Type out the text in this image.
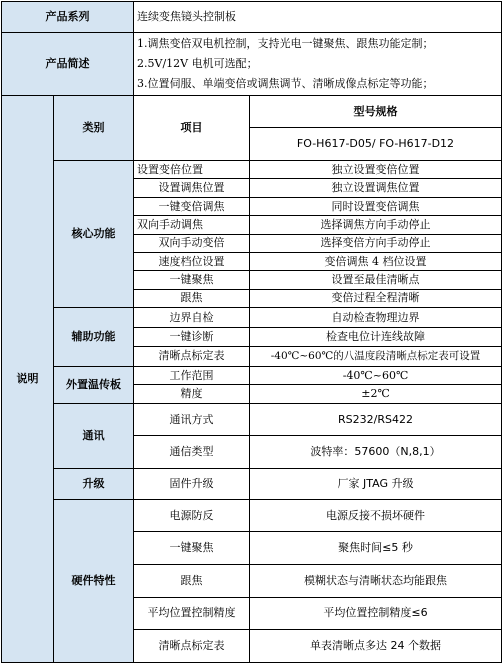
产品系列		连续变焦镜头控制板	
产品简述		1.调焦变倍双电机控制，支持光电一键聚焦、跟焦功能定制；
2.5V/12V 电机可选配；
3.位置伺服、单端变倍或调焦调节、清晰成像点标定等功能；	

说明	类别	项目	型号规格
			FO-H617-D05/ FO-H617-D12
	核心功能	设置变倍位置	独立设置变倍位置
		设置调焦位置	独立设置调焦位置
		一键变倍调焦	同时设置变倍调焦
		双向手动调焦	选择调焦方向手动停止
		双向手动变倍	选择变倍方向手动停止
		速度档位设置	变倍调焦 4 档位设置
		一键聚焦	设置至最佳清晰点
		跟焦	变倍过程全程清晰
	辅助功能	边界自检	自动检查物理边界
		一键诊断	检查电位计连线故障
		清晰点标定表	-40℃~60℃的八温度段清晰点标定表可设置
	外置温传板	工作范围	-40℃~60℃
		精度	±2℃
	通讯	通讯方式	RS232/RS422
		通信类型	波特率：57600（N,8,1）
	升级	固件升级	厂家 JTAG 升级
	硬件特性	电源防反	电源反接不损坏硬件
		一键聚焦	聚焦时间≤5 秒
		跟焦	模糊状态与清晰状态均能跟焦
		平均位置控制精度	平均位置控制精度≤6
		清晰点标定表	单表清晰点多达 24 个数据
